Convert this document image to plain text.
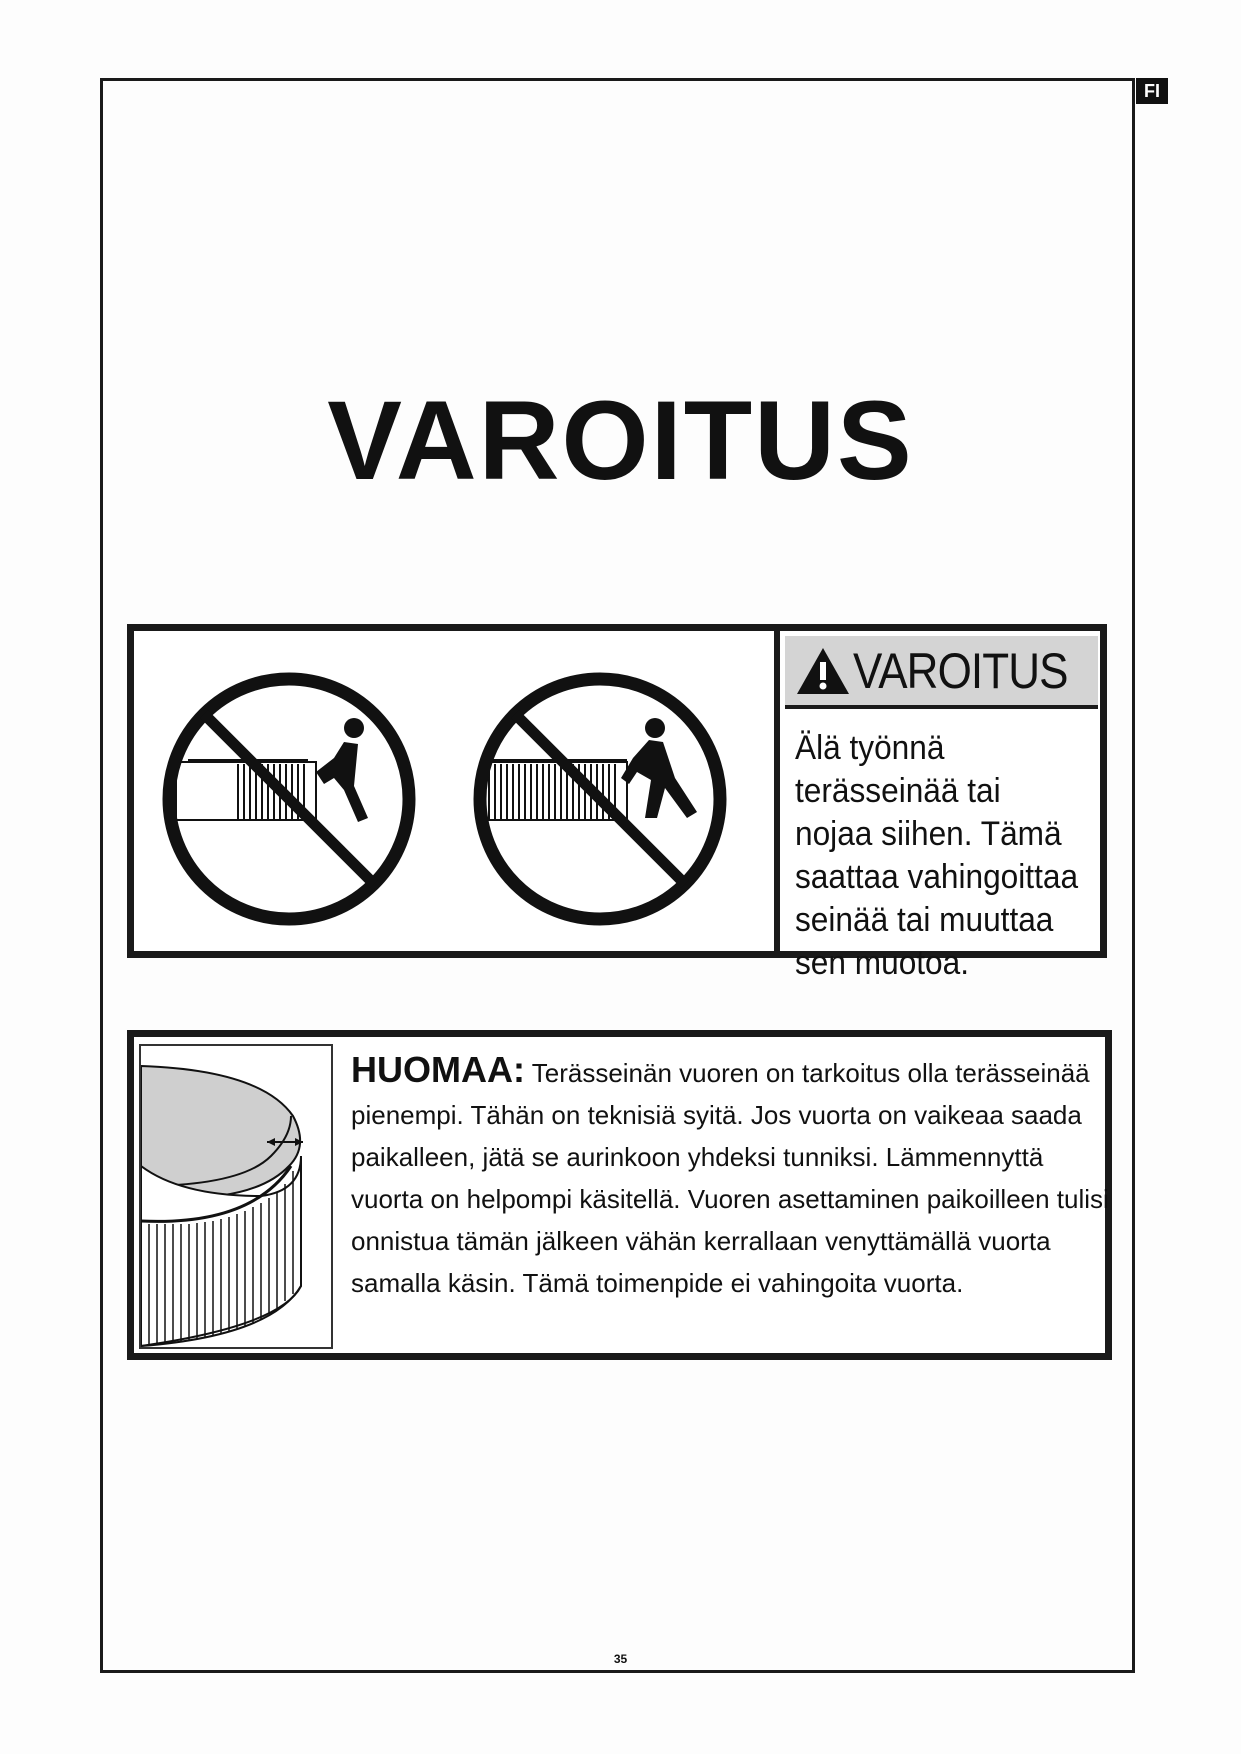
FI
VAROITUS
VAROITUS
Älä työnnä terässeinää tai nojaa siihen. Tämä saattaa vahingoittaa seinää tai muuttaa sen muotoa.
HUOMAA: Terässeinän vuoren on tarkoitus olla terässeinää pienempi. Tähän on teknisiä syitä. Jos vuorta on vaikeaa saada paikalleen, jätä se aurinkoon yhdeksi tunniksi. Lämmennyttä vuorta on helpompi käsitellä. Vuoren asettaminen paikoilleen tulisi onnistua tämän jälkeen vähän kerrallaan venyttämällä vuorta samalla käsin. Tämä toimenpide ei vahingoita vuorta.
35
